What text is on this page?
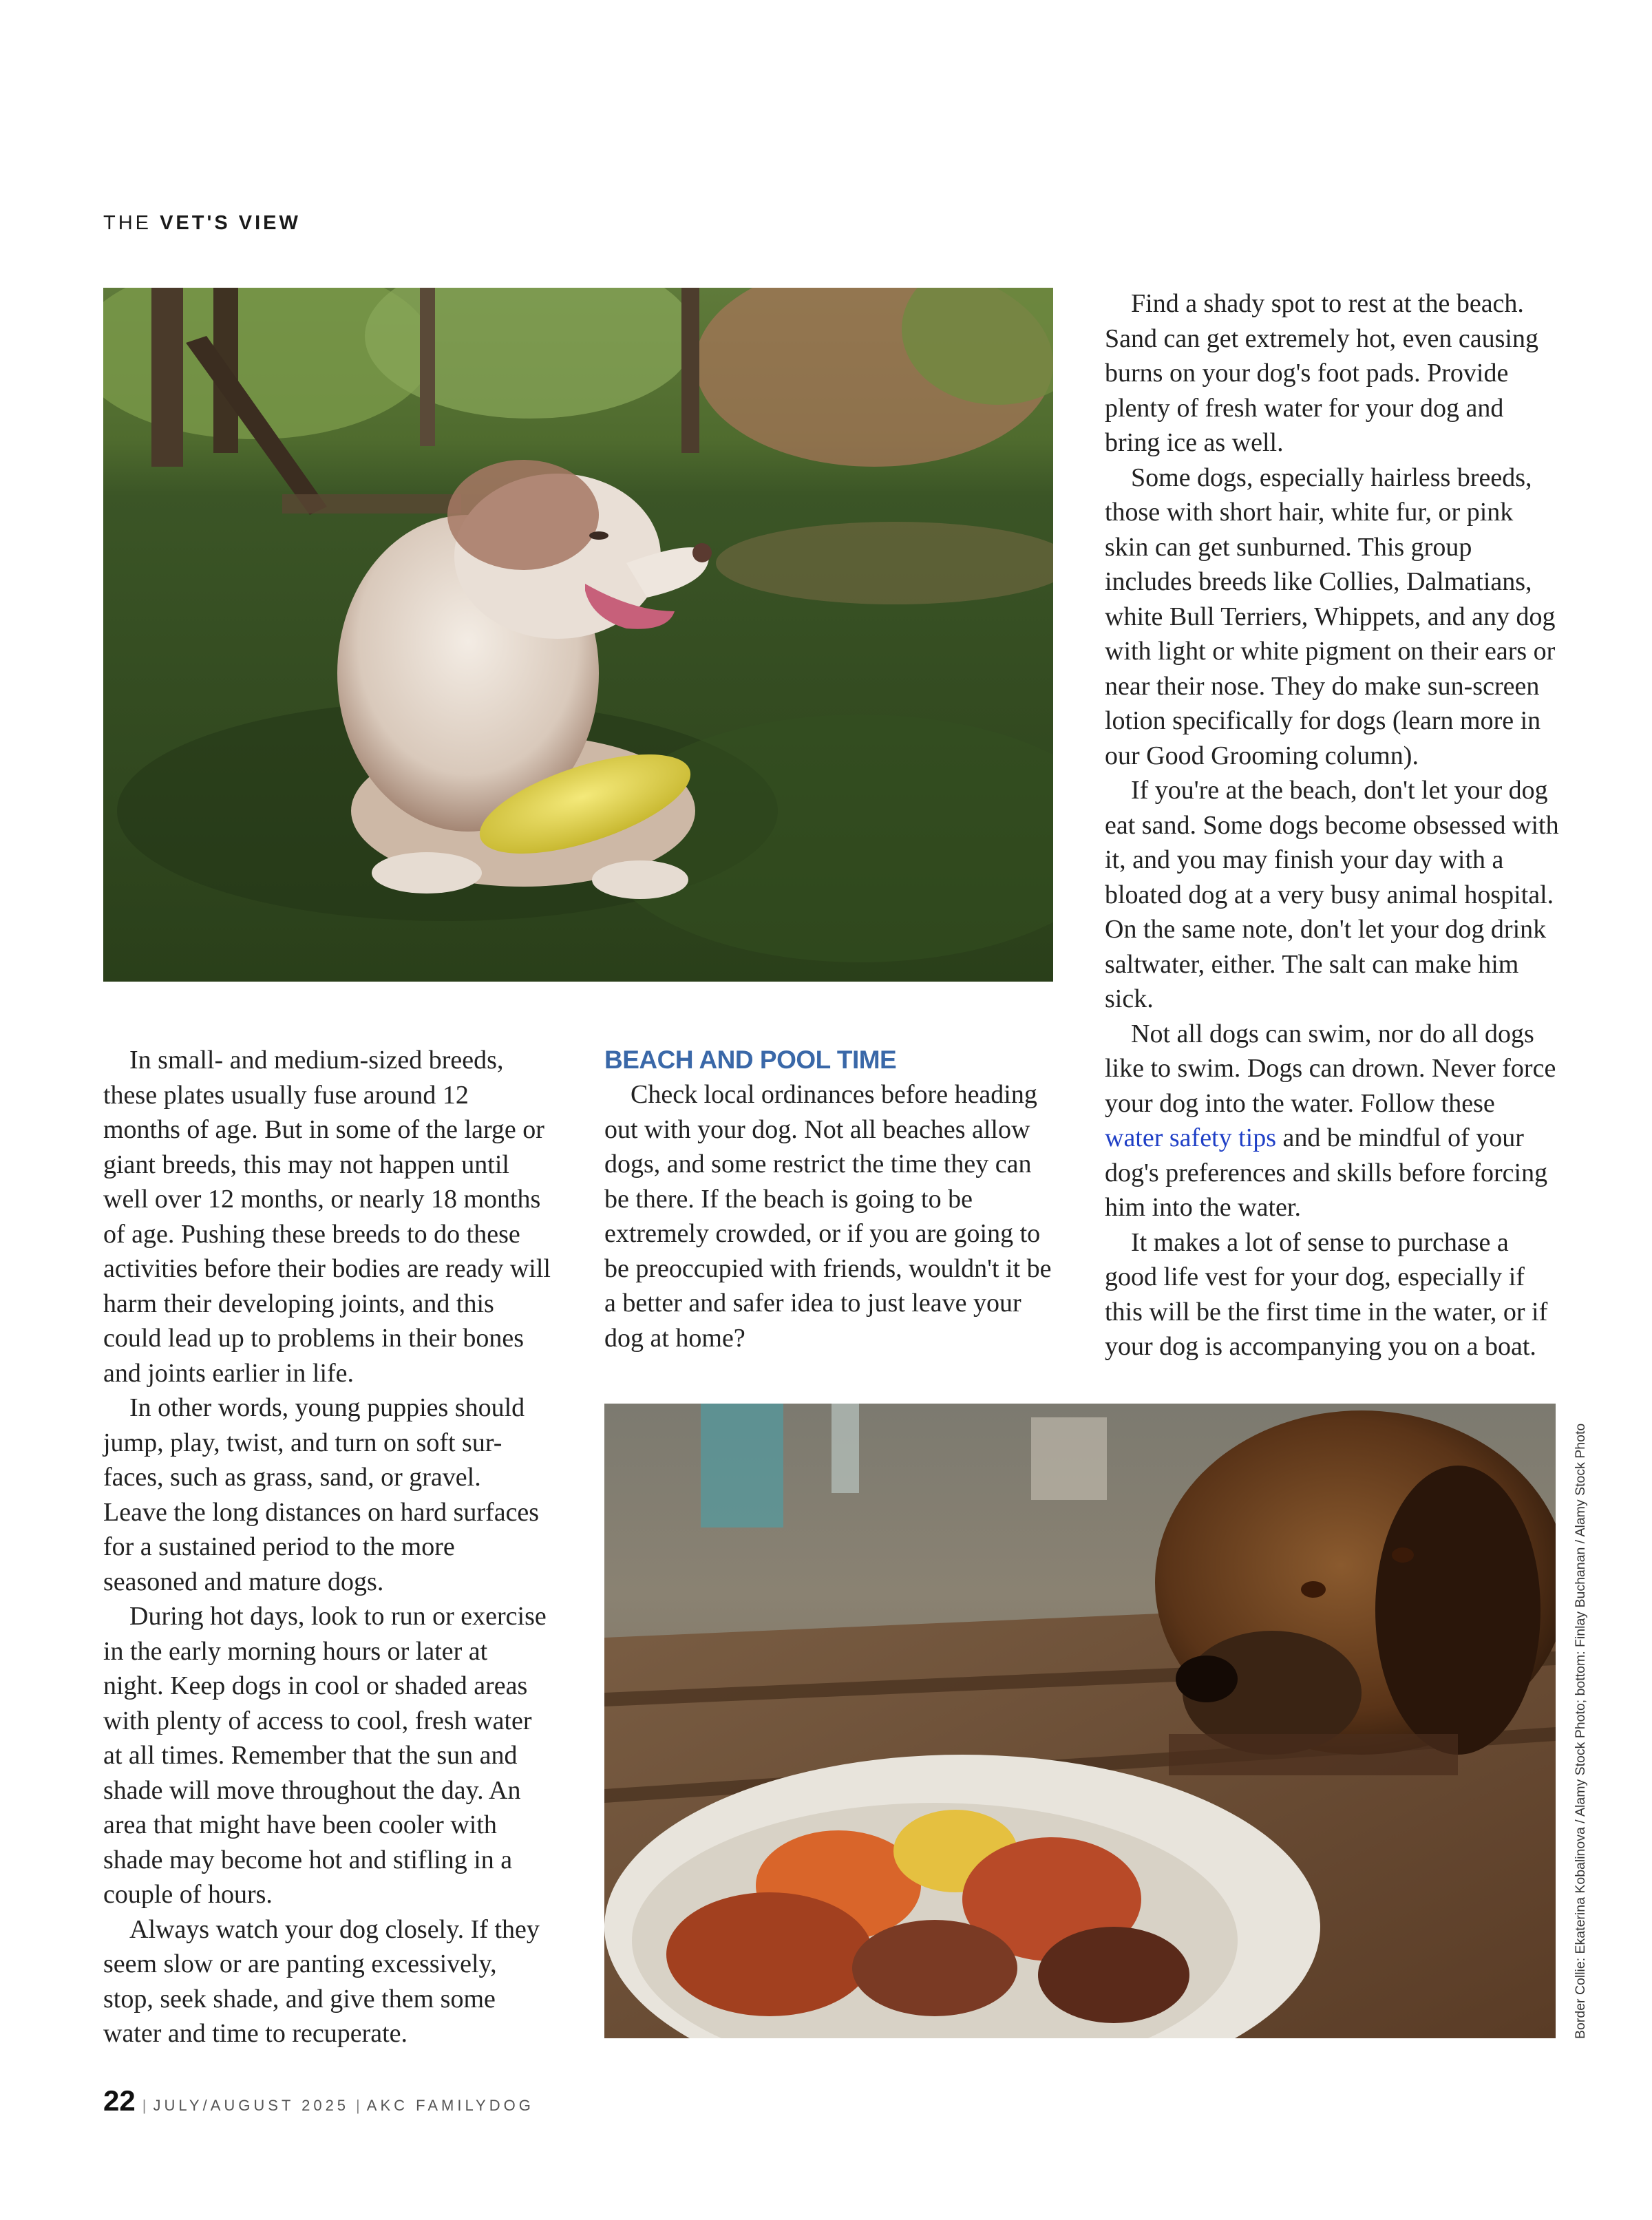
THE VET'S VIEW

In small- and medium-sized breeds, these plates usually fuse around 12 months of age. But in some of the large or giant breeds, this may not happen until well over 12 months, or nearly 18 months of age. Pushing these breeds to do these activities before their bodies are ready will harm their developing joints, and this could lead up to problems in their bones and joints earlier in life.

In other words, young puppies should jump, play, twist, and turn on soft sur-faces, such as grass, sand, or gravel. Leave the long distances on hard surfaces for a sustained period to the more seasoned and mature dogs.

During hot days, look to run or exercise in the early morning hours or later at night. Keep dogs in cool or shaded areas with plenty of access to cool, fresh water at all times. Remember that the sun and shade will move throughout the day. An area that might have been cooler with shade may become hot and stifling in a couple of hours.

Always watch your dog closely. If they seem slow or are panting excessively, stop, seek shade, and give them some water and time to recuperate.

BEACH AND POOL TIME

Check local ordinances before heading out with your dog. Not all beaches allow dogs, and some restrict the time they can be there. If the beach is going to be extremely crowded, or if you are going to be preoccupied with friends, wouldn't it be a better and safer idea to just leave your dog at home?

Find a shady spot to rest at the beach. Sand can get extremely hot, even causing burns on your dog's foot pads. Provide plenty of fresh water for your dog and bring ice as well.

Some dogs, especially hairless breeds, those with short hair, white fur, or pink skin can get sunburned. This group includes breeds like Collies, Dalmatians, white Bull Terriers, Whippets, and any dog with light or white pigment on their ears or near their nose. They do make sun-screen lotion specifically for dogs (learn more in our Good Grooming column).

If you're at the beach, don't let your dog eat sand. Some dogs become obsessed with it, and you may finish your day with a bloated dog at a very busy animal hospital. On the same note, don't let your dog drink saltwater, either. The salt can make him sick.

Not all dogs can swim, nor do all dogs like to swim. Dogs can drown. Never force your dog into the water. Follow these water safety tips and be mindful of your dog's preferences and skills before forcing him into the water.

It makes a lot of sense to purchase a good life vest for your dog, especially if this will be the first time in the water, or if your dog is accompanying you on a boat.

Border Collie: Ekaterina Kobalinova / Alamy Stock Photo; bottom: Finlay Buchanan / Alamy Stock Photo
22 | JULY/AUGUST 2025 | AKC FAMILYDOG
